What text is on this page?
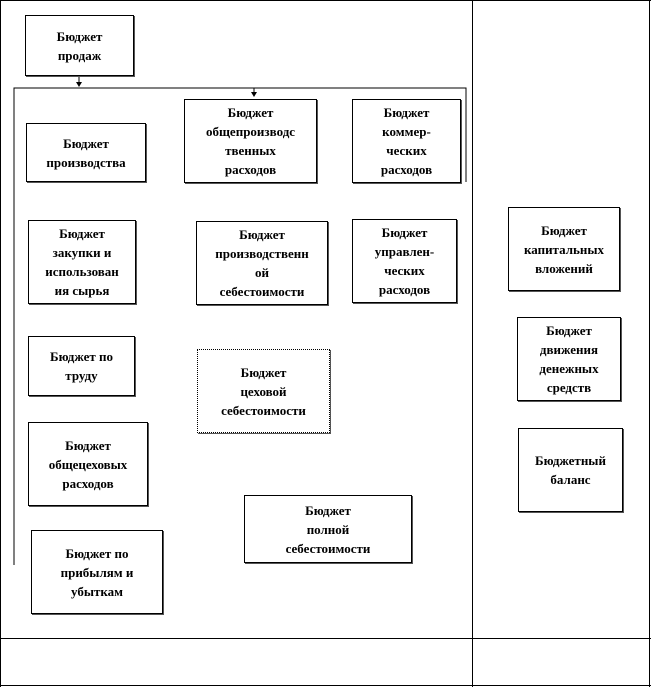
Бюджет
продаж
Бюджет
производства
Бюджет
общепроизводс
твенных
расходов
Бюджет
коммер-
ческих
расходов
Бюджет
закупки и
использован
ия сырья
Бюджет
производственн
ой
себестоимости
Бюджет
управлен-
ческих
расходов
Бюджет
капитальных
вложений
Бюджет по
труду	Бюджет
цеховой
себестоимости
Бюджет
движения
денежных
средств
Бюджет
общецеховых
расходов
Бюджетный
баланс
Бюджет
полной
себестоимости
Бюджет по
прибылям и
убыткам
